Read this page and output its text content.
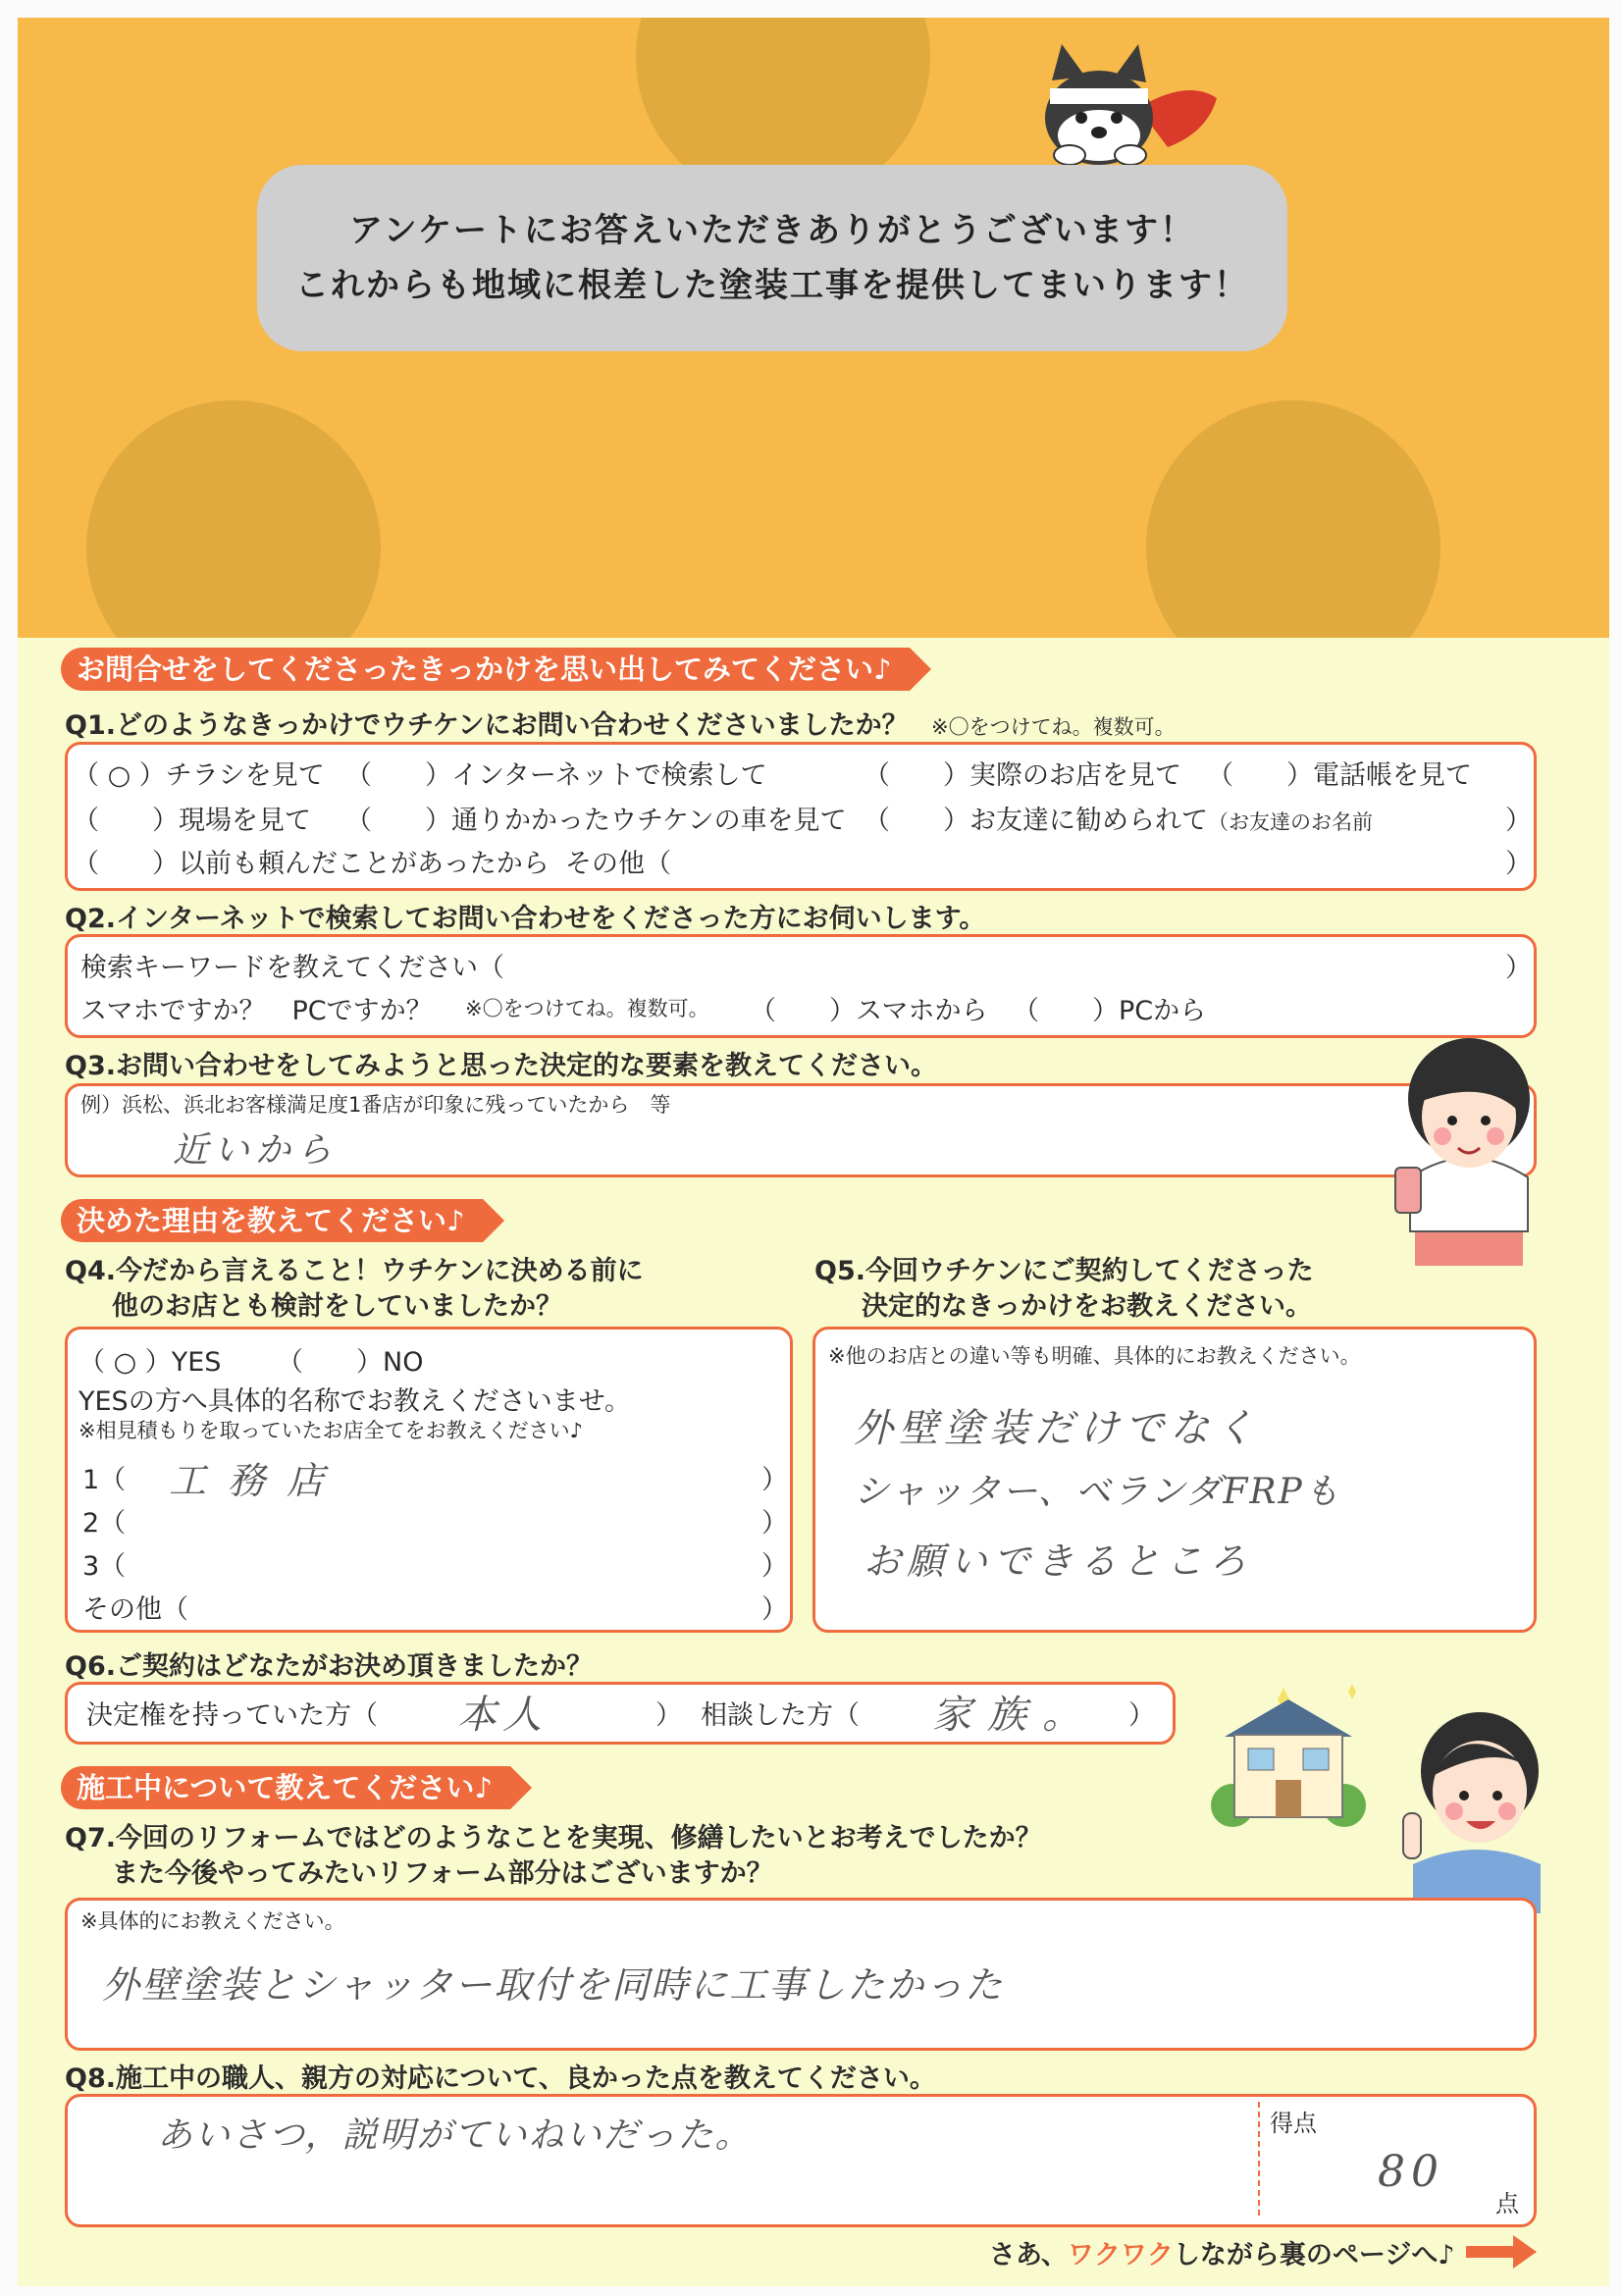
アンケートにお答えいただきありがとうございます！
これからも地域に根差した塗装工事を提供してまいります！
お問合せをしてくださったきっかけを思い出してみてください♪
Q1.どのようなきっかけでウチケンにお問い合わせくださいましたか？ ※〇をつけてね。複数可。
（ ○ ）チラシを見て （　　）インターネットで検索して	（　　）実際のお店を見て （　　）電話帳を見て
（　　）現場を見て （　　）通りかかったウチケンの車を見て （　　）お友達に勧められて（お友達のお名前	）
（　　）以前も頼んだことがあったから その他（	）
Q2.インターネットで検索してお問い合わせをくださった方にお伺いします。
検索キーワードを教えてください（	）
スマホですか？　PCですか？ ※〇をつけてね。複数可。 （　　）スマホから （　　）PCから
Q3.お問い合わせをしてみようと思った決定的な要素を教えてください。
例）浜松、浜北お客様満足度1番店が印象に残っていたから　等
近いから
決めた理由を教えてください♪
Q4.今だから言えること！ウチケンに決める前に
他のお店とも検討をしていましたか？
Q5.今回ウチケンにご契約してくださった
決定的なきっかけをお教えください。
（ ○ ）YES （　　）NO
YESの方へ具体的名称でお教えくださいませ。
※相見積もりを取っていたお店全てをお教えください♪
1（ 工務店	）
2（	）
3（	）
その他（	）
※他のお店との違い等も明確、具体的にお教えください。
外壁塗装だけでなく
シャッター、ベランダFRPも
お願いできるところ
Q6.ご契約はどなたがお決め頂きましたか？
決定権を持っていた方（ 本人	） 相談した方（ 家族。 ）
施工中について教えてください♪
Q7.今回のリフォームではどのようなことを実現、修繕したいとお考えでしたか？
また今後やってみたいリフォーム部分はございますか？
※具体的にお教えください。
外壁塗装とシャッター取付を同時に工事したかった
Q8.施工中の職人、親方の対応について、良かった点を教えてください。
あいさつ，説明がていねいだった。	得点
80
点
さあ、ワクワクしながら裏のページへ♪
